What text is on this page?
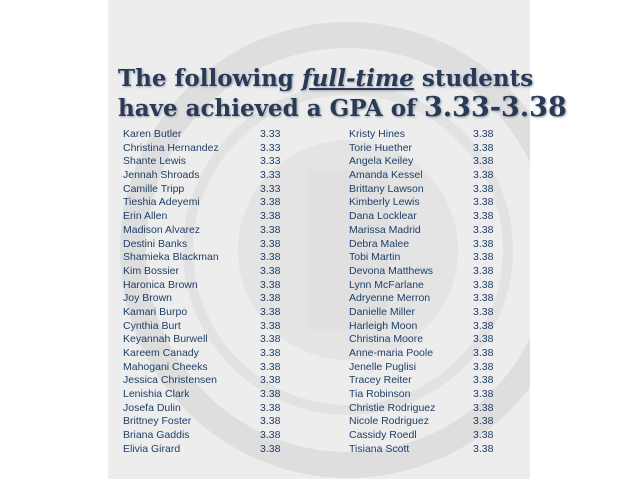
The following full-time students
have achieved a GPA of 3.33-3.38
Karen Butler	3.33
Christina Hernandez	3.33
Shante Lewis	3.33
Jennah Shroads	3.33
Camille Tripp	3.33
Tieshia Adeyemi	3.38
Erin Allen	3.38
Madison Alvarez	3.38
Destini Banks	3.38
Shamieka Blackman	3.38
Kim Bossier	3.38
Haronica Brown	3.38
Joy Brown	3.38
Kamari Burpo	3.38
Cynthia Burt	3.38
Keyannah Burwell	3.38
Kareem Canady	3.38
Mahogani Cheeks	3.38
Jessica Christensen	3.38
Lenishia Clark	3.38
Josefa Dulin	3.38
Brittney Foster	3.38
Briana Gaddis	3.38
Elivia Girard	3.38
Kristy Hines	3.38
Torie Huether	3.38
Angela Keiley	3.38
Amanda Kessel	3.38
Brittany Lawson	3.38
Kimberly Lewis	3.38
Dana Locklear	3.38
Marissa Madrid	3.38
Debra Malee	3.38
Tobi Martin	3.38
Devona Matthews	3.38
Lynn McFarlane	3.38
Adryenne Merron	3.38
Danielle Miller	3.38
Harleigh Moon	3.38
Christina Moore	3.38
Anne-maria Poole	3.38
Jenelle Puglisi	3.38
Tracey Reiter	3.38
Tia Robinson	3.38
Christie Rodriguez	3.38
Nicole Rodriguez	3.38
Cassidy Roedl	3.38
Tisiana Scott	3.38
